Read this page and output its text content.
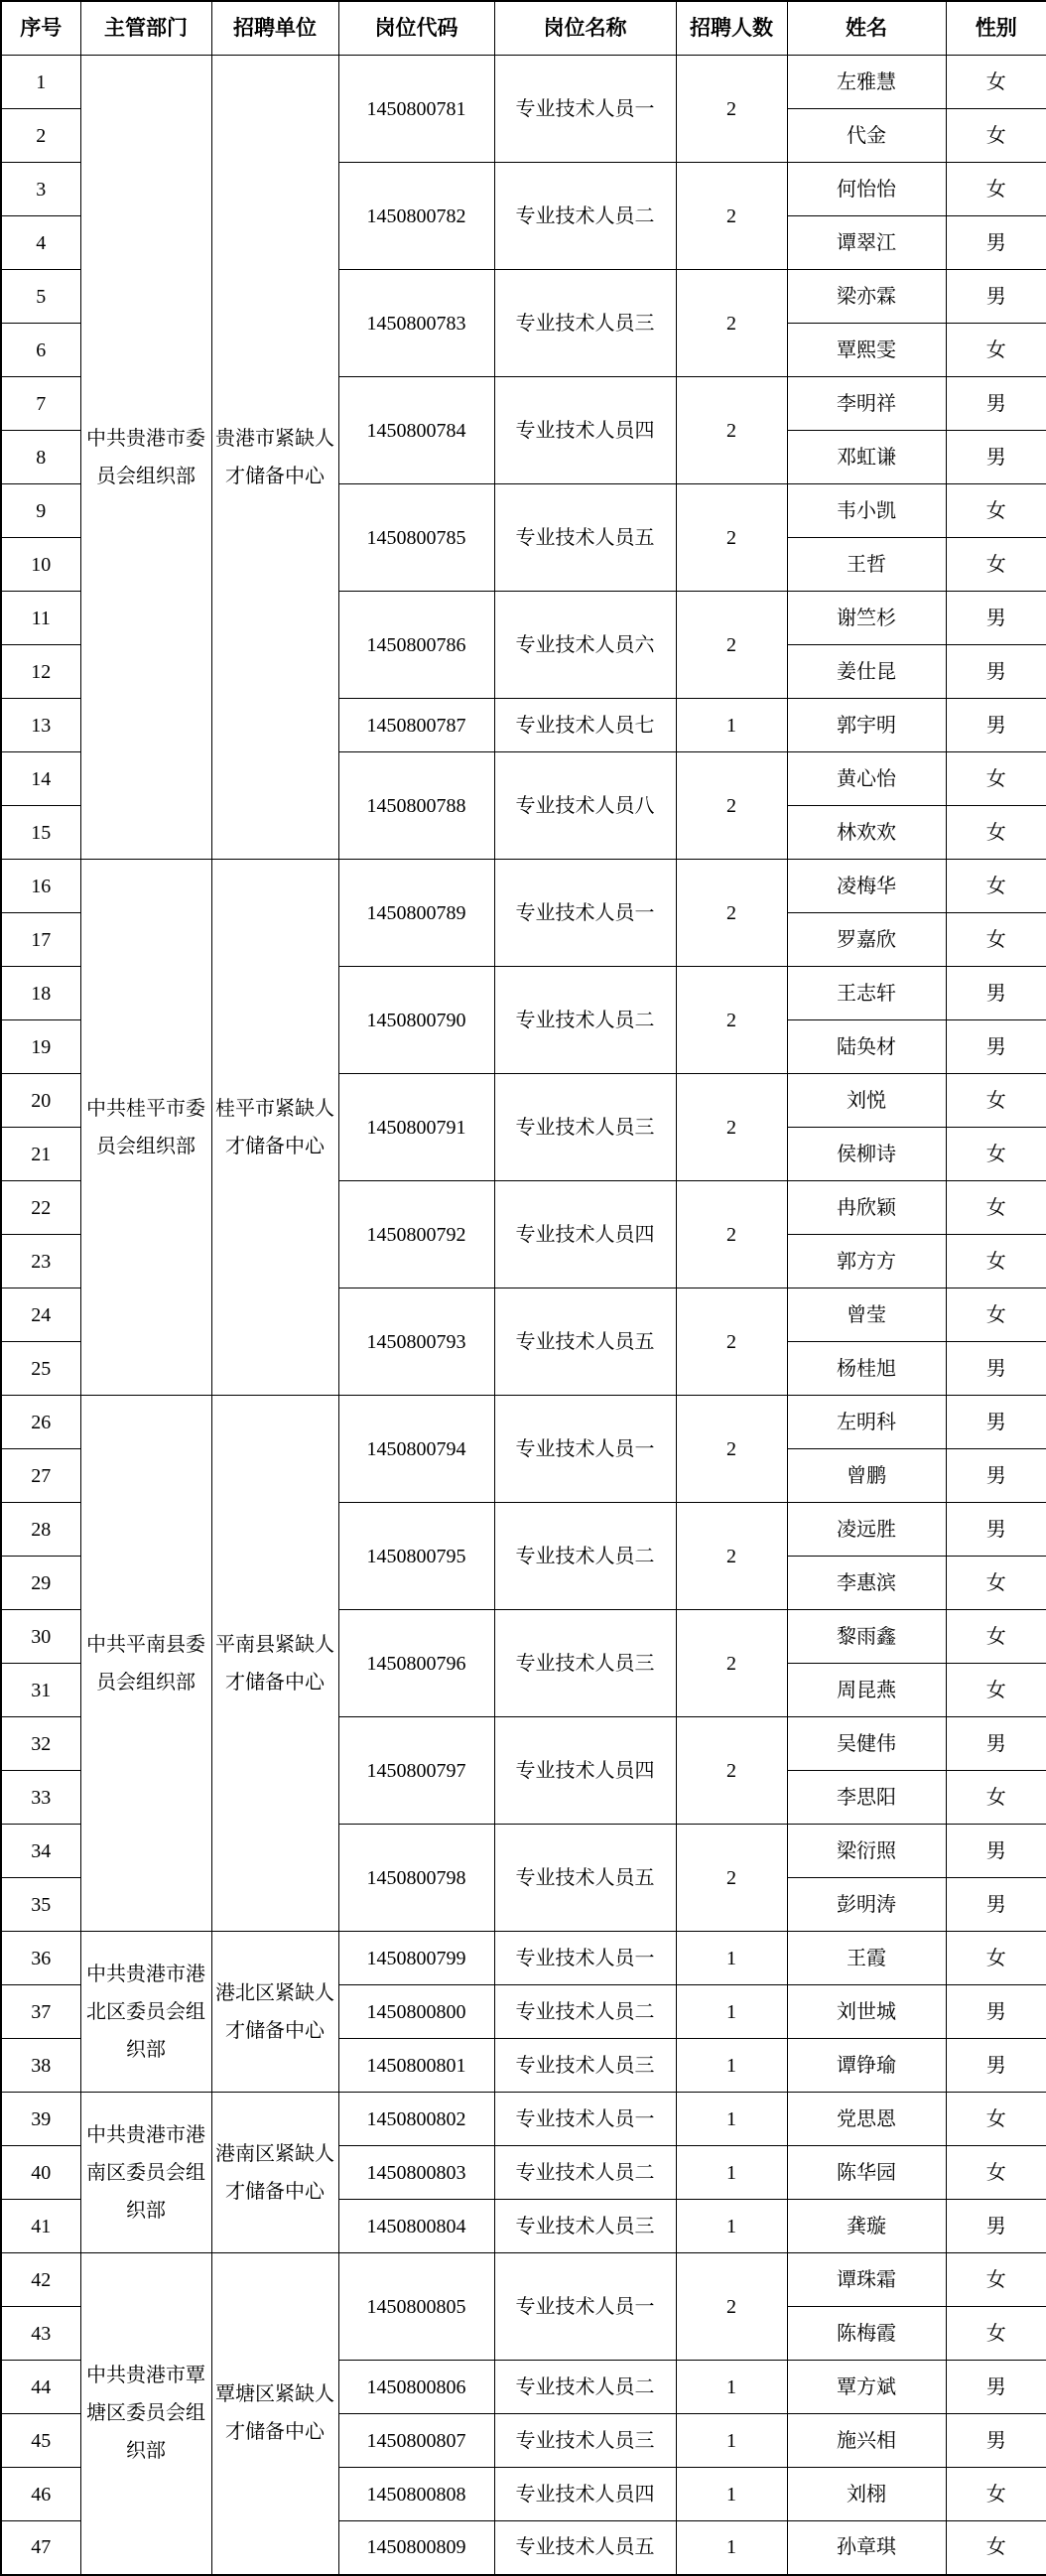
序号	主管部门	招聘单位	岗位代码	岗位名称	招聘人数	姓名	性别
1	中共贵港市委员会组织部	贵港市紧缺人才储备中心	1450800781	专业技术人员一	2	左雅慧	女
2						代金	女
3			1450800782	专业技术人员二	2	何怡怡	女
4						谭翠江	男
5			1450800783	专业技术人员三	2	梁亦霖	男
6						覃熙雯	女
7			1450800784	专业技术人员四	2	李明祥	男
8						邓虹谦	男
9			1450800785	专业技术人员五	2	韦小凯	女
10						王哲	女
11			1450800786	专业技术人员六	2	谢竺杉	男
12						姜仕昆	男
13			1450800787	专业技术人员七	1	郭宇明	男
14			1450800788	专业技术人员八	2	黄心怡	女
15						林欢欢	女
16	中共桂平市委员会组织部	桂平市紧缺人才储备中心	1450800789	专业技术人员一	2	凌梅华	女
17						罗嘉欣	女
18			1450800790	专业技术人员二	2	王志轩	男
19						陆奂材	男
20			1450800791	专业技术人员三	2	刘悦	女
21						侯柳诗	女
22			1450800792	专业技术人员四	2	冉欣颖	女
23						郭方方	女
24			1450800793	专业技术人员五	2	曾莹	女
25						杨桂旭	男
26	中共平南县委员会组织部	平南县紧缺人才储备中心	1450800794	专业技术人员一	2	左明科	男
27						曾鹏	男
28			1450800795	专业技术人员二	2	凌远胜	男
29						李惠滨	女
30			1450800796	专业技术人员三	2	黎雨鑫	女
31						周昆燕	女
32			1450800797	专业技术人员四	2	吴健伟	男
33						李思阳	女
34			1450800798	专业技术人员五	2	梁衍照	男
35						彭明涛	男
36	中共贵港市港北区委员会组织部	港北区紧缺人才储备中心	1450800799	专业技术人员一	1	王霞	女
37			1450800800	专业技术人员二	1	刘世城	男
38			1450800801	专业技术人员三	1	谭铮瑜	男
39	中共贵港市港南区委员会组织部	港南区紧缺人才储备中心	1450800802	专业技术人员一	1	党思恩	女
40			1450800803	专业技术人员二	1	陈华园	女
41			1450800804	专业技术人员三	1	龚璇	男
42	中共贵港市覃塘区委员会组织部	覃塘区紧缺人才储备中心	1450800805	专业技术人员一	2	谭珠霜	女
43						陈梅霞	女
44			1450800806	专业技术人员二	1	覃方斌	男
45			1450800807	专业技术人员三	1	施兴相	男
46			1450800808	专业技术人员四	1	刘栩	女
47			1450800809	专业技术人员五	1	孙章琪	女
